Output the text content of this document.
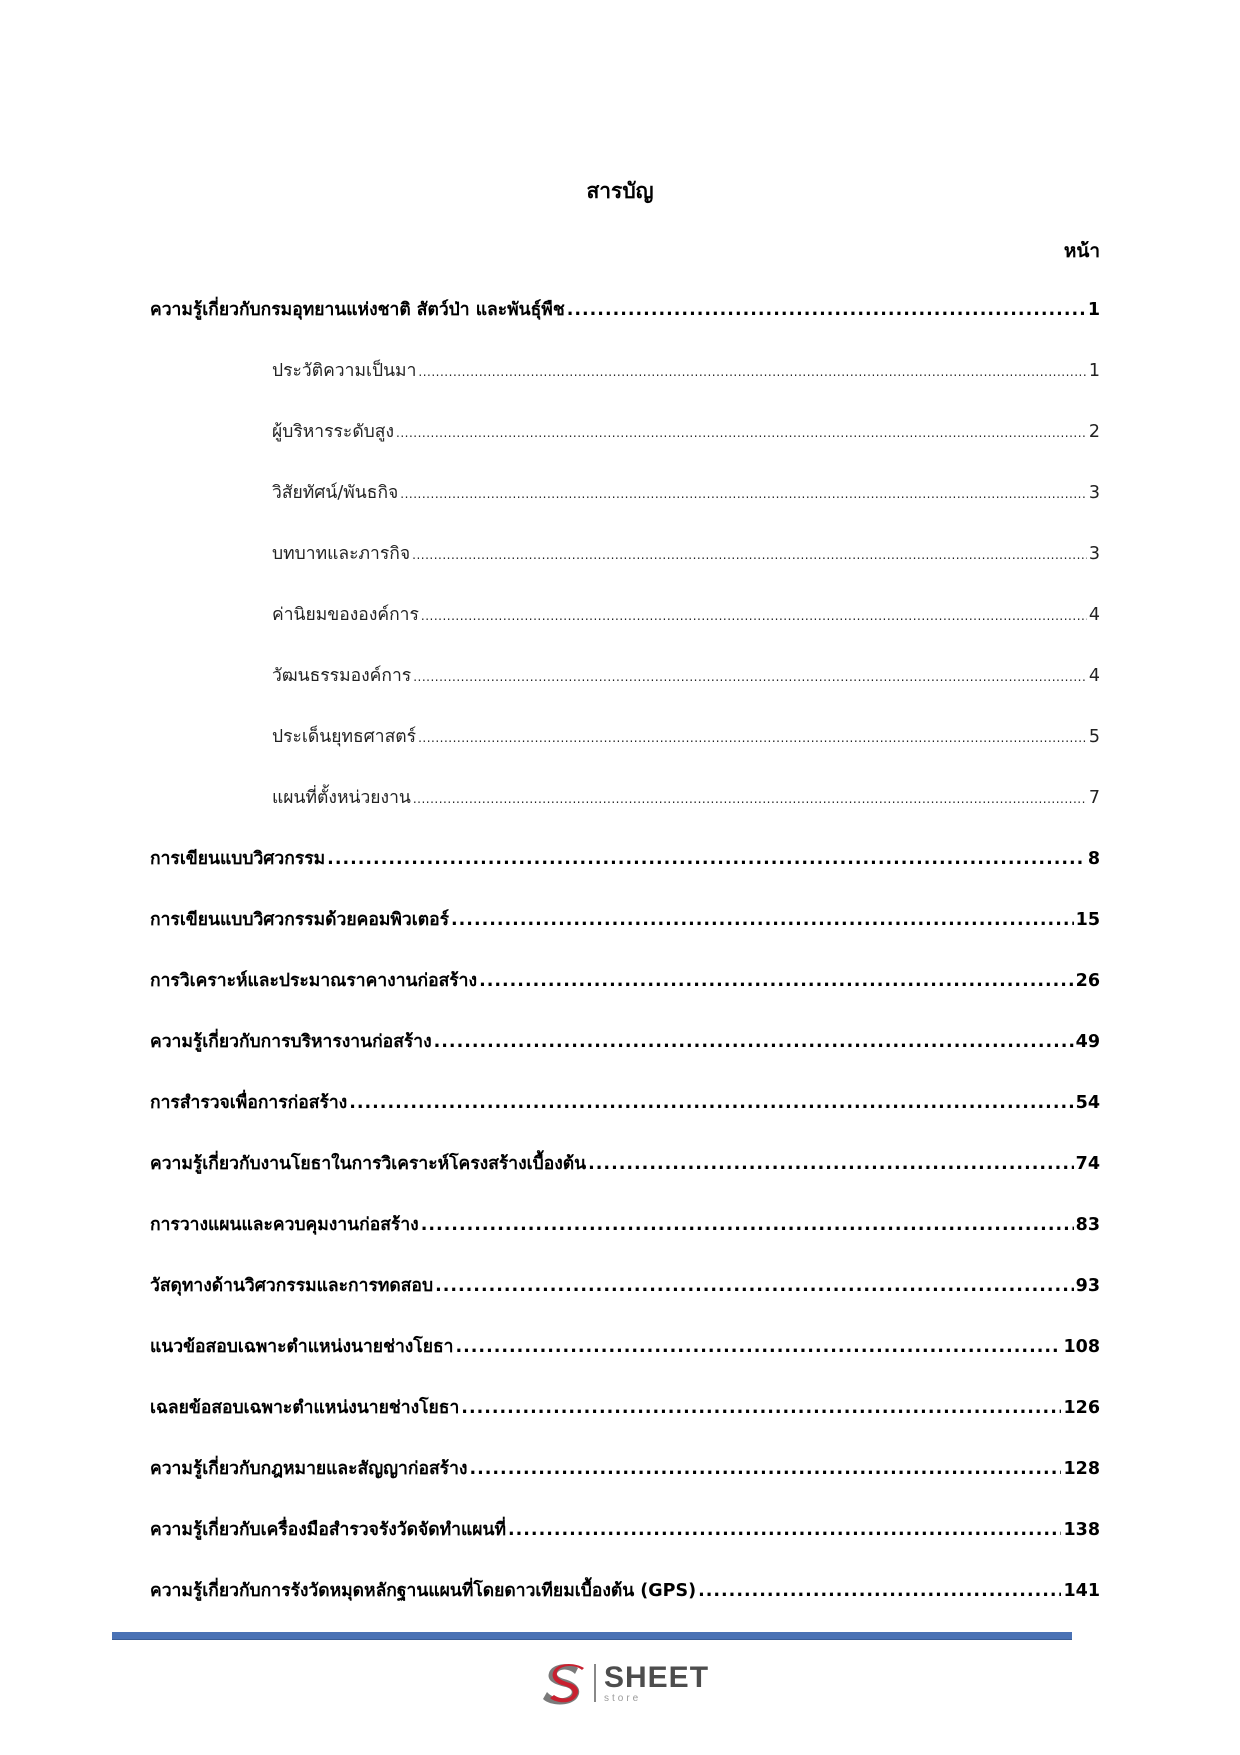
สารบัญ
หน้า
ความรู้เกี่ยวกับกรมอุทยานแห่งชาติ สัตว์ป่า และพันธุ์พืช .....	1
ประวัติความเป็นมา .....	1
ผู้บริหารระดับสูง .....	2
วิสัยทัศน์/พันธกิจ .....	3
บทบาทและภารกิจ .....	3
ค่านิยมขององค์การ .....	4
วัฒนธรรมองค์การ .....	4
ประเด็นยุทธศาสตร์ .....	5
แผนที่ตั้งหน่วยงาน .....	7
การเขียนแบบวิศวกรรม .....	8
การเขียนแบบวิศวกรรมด้วยคอมพิวเตอร์ .....	15
การวิเคราะห์และประมาณราคางานก่อสร้าง .....	26
ความรู้เกี่ยวกับการบริหารงานก่อสร้าง .....	49
การสำรวจเพื่อการก่อสร้าง .....	54
ความรู้เกี่ยวกับงานโยธาในการวิเคราะห์โครงสร้างเบื้องต้น .....	74
การวางแผนและควบคุมงานก่อสร้าง .....	83
วัสดุทางด้านวิศวกรรมและการทดสอบ .....	93
แนวข้อสอบเฉพาะตำแหน่งนายช่างโยธา .....	108
เฉลยข้อสอบเฉพาะตำแหน่งนายช่างโยธา .....	126
ความรู้เกี่ยวกับกฎหมายและสัญญาก่อสร้าง .....	128
ความรู้เกี่ยวกับเครื่องมือสำรวจรังวัดจัดทำแผนที่ .....	138
ความรู้เกี่ยวกับการรังวัดหมุดหลักฐานแผนที่โดยดาวเทียมเบื้องต้น (GPS) .....	141
SHEET
store
